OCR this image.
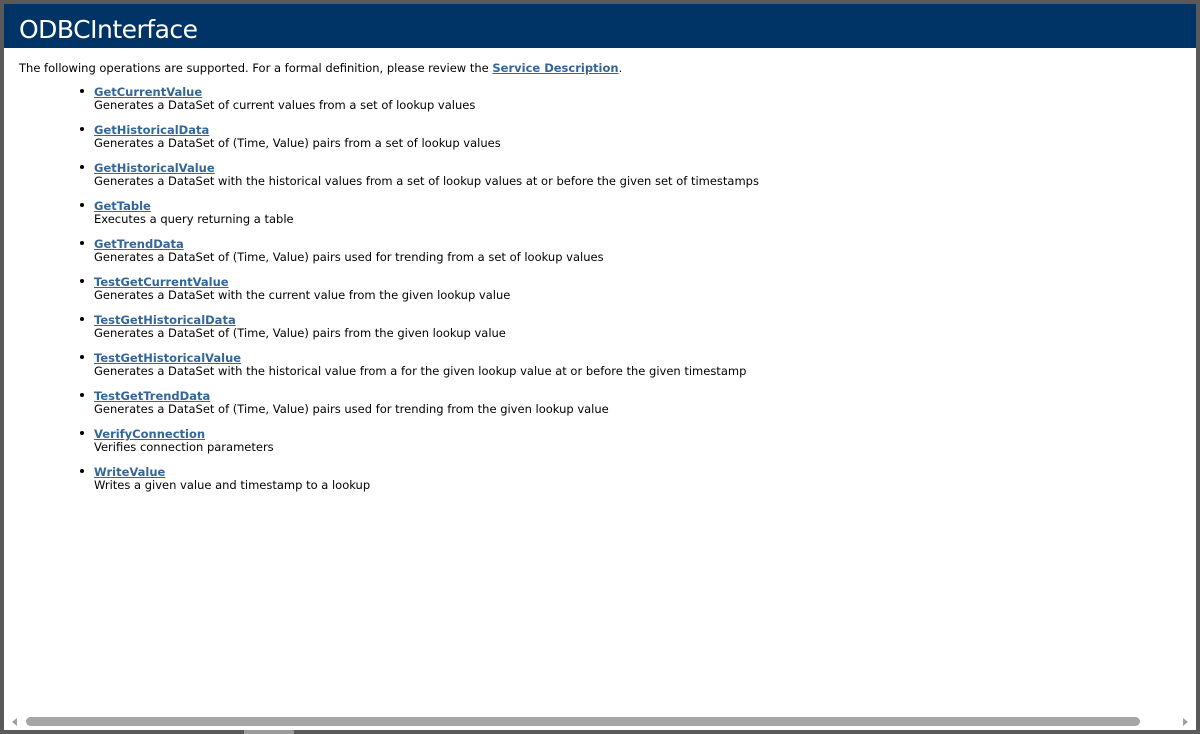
ODBCInterface

The following operations are supported. For a formal definition, please review the Service Description.

GetCurrentValue
Generates a DataSet of current values from a set of lookup values
GetHistoricalData
Generates a DataSet of (Time, Value) pairs from a set of lookup values
GetHistoricalValue
Generates a DataSet with the historical values from a set of lookup values at or before the given set of timestamps
GetTable
Executes a query returning a table
GetTrendData
Generates a DataSet of (Time, Value) pairs used for trending from a set of lookup values
TestGetCurrentValue
Generates a DataSet with the current value from the given lookup value
TestGetHistoricalData
Generates a DataSet of (Time, Value) pairs from the given lookup value
TestGetHistoricalValue
Generates a DataSet with the historical value from a for the given lookup value at or before the given timestamp
TestGetTrendData
Generates a DataSet of (Time, Value) pairs used for trending from the given lookup value
VerifyConnection
Verifies connection parameters
WriteValue
Writes a given value and timestamp to a lookup
